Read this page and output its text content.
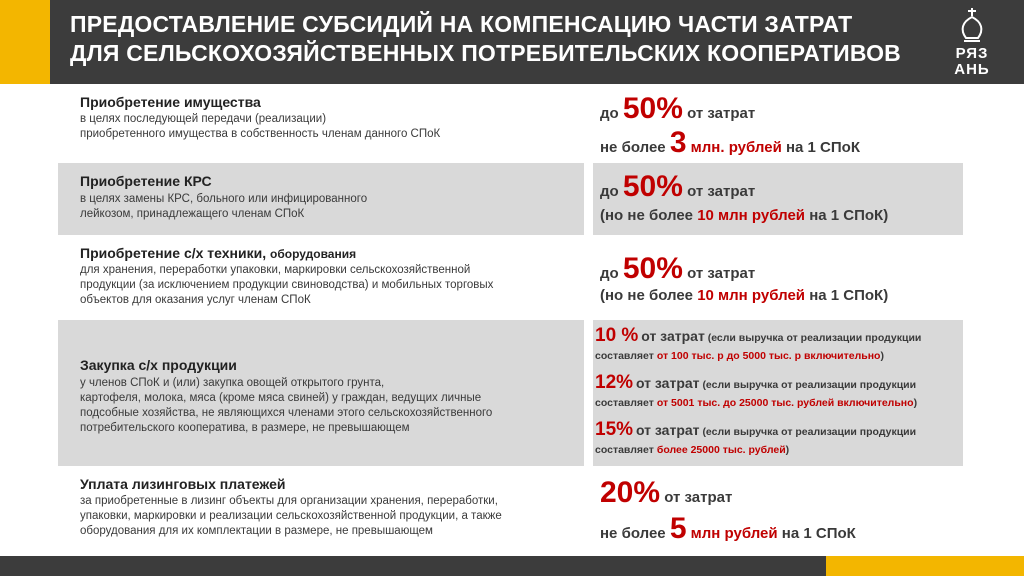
ПРЕДОСТАВЛЕНИЕ СУБСИДИЙ НА КОМПЕНСАЦИЮ ЧАСТИ ЗАТРАТ
ДЛЯ СЕЛЬСКОХОЗЯЙСТВЕННЫХ ПОТРЕБИТЕЛЬСКИХ КООПЕРАТИВОВ	РЯЗ
АНЬ
Приобретение имущества
в целях последующей передачи (реализации)
приобретенного имущества в собственность членам данного СПоК
до 50% от затрат
не более 3 млн. рублей на 1 СПоК
Приобретение КРС
в целях замены КРС, больного или инфицированного
лейкозом, принадлежащего членам СПоК
до 50% от затрат
(но не более 10 млн рублей на 1 СПоК)
Приобретение с/х техники, оборудования
для хранения, переработки упаковки, маркировки сельскохозяйственной
продукции (за исключением продукции свиноводства) и мобильных торговых
объектов для оказания услуг членам СПоК
до 50% от затрат
(но не более 10 млн рублей на 1 СПоК)
Закупка с/х продукции
у членов СПоК и (или) закупка овощей открытого грунта,
картофеля, молока, мяса (кроме мяса свиней) у граждан, ведущих личные
подсобные хозяйства, не являющихся членами этого сельскохозяйственного
потребительского кооператива, в размере, не превышающем
10 % от затрат (если выручка от реализации продукции
составляет от 100 тыс. р до 5000 тыс. р включительно)
12% от затрат (если выручка от реализации продукции
составляет от 5001 тыс. до 25000 тыс. рублей включительно)
15% от затрат (если выручка от реализации продукции
составляет более 25000 тыс. рублей)
Уплата лизинговых платежей
за приобретенные в лизинг объекты для организации хранения, переработки,
упаковки, маркировки и реализации сельскохозяйственной продукции, а также
оборудования для их комплектации в размере, не превышающем
20% от затрат
не более 5 млн рублей на 1 СПоК
